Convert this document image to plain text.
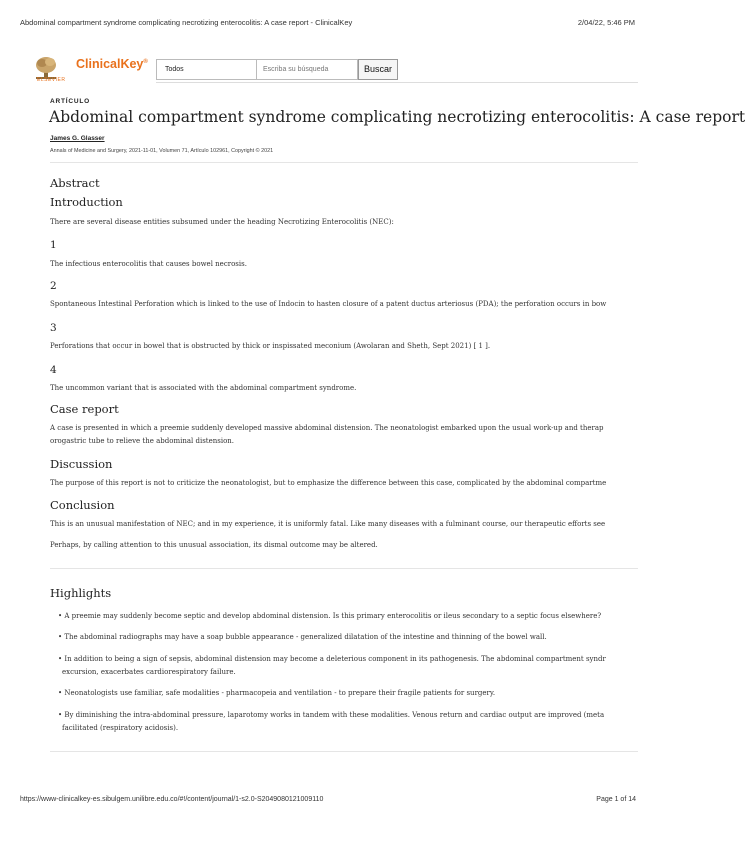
Abdominal compartment syndrome complicating necrotizing enterocolitis: A case report - ClinicalKey	2/04/22, 5:46 PM
ClinicalKey®
ELSEVIER
Todos	Escriba su búsqueda	Buscar
ARTÍCULO
Abdominal compartment syndrome complicating necrotizing enterocolitis: A case report
James G. Glasser
Annals of Medicine and Surgery, 2021-11-01, Volumen 71, Artículo 102961, Copyright © 2021
Abstract
Introduction
There are several disease entities subsumed under the heading Necrotizing Enterocolitis (NEC):
1
The infectious enterocolitis that causes bowel necrosis.
2
Spontaneous Intestinal Perforation which is linked to the use of Indocin to hasten closure of a patent ductus arteriosus (PDA); the perforation occurs in bow
3
Perforations that occur in bowel that is obstructed by thick or inspissated meconium (Awolaran and Sheth, Sept 2021) [ 1 ].
4
The uncommon variant that is associated with the abdominal compartment syndrome.
Case report
A case is presented in which a preemie suddenly developed massive abdominal distension. The neonatologist embarked upon the usual work-up and therap
orogastric tube to relieve the abdominal distension.
Discussion
The purpose of this report is not to criticize the neonatologist, but to emphasize the difference between this case, complicated by the abdominal compartme
Conclusion
This is an unusual manifestation of NEC; and in my experience, it is uniformly fatal. Like many diseases with a fulminant course, our therapeutic efforts see
Perhaps, by calling attention to this unusual association, its dismal outcome may be altered.
Highlights
• A preemie may suddenly become septic and develop abdominal distension. Is this primary enterocolitis or ileus secondary to a septic focus elsewhere?
• The abdominal radiographs may have a soap bubble appearance - generalized dilatation of the intestine and thinning of the bowel wall.
• In addition to being a sign of sepsis, abdominal distension may become a deleterious component in its pathogenesis. The abdominal compartment syndr
excursion, exacerbates cardiorespiratory failure.
• Neonatologists use familiar, safe modalities - pharmacopeia and ventilation - to prepare their fragile patients for surgery.
• By diminishing the intra-abdominal pressure, laparotomy works in tandem with these modalities. Venous return and cardiac output are improved (meta
facilitated (respiratory acidosis).
https://www-clinicalkey-es.sibulgem.unilibre.edu.co/#!/content/journal/1-s2.0-S2049080121009110	Page 1 of 14
